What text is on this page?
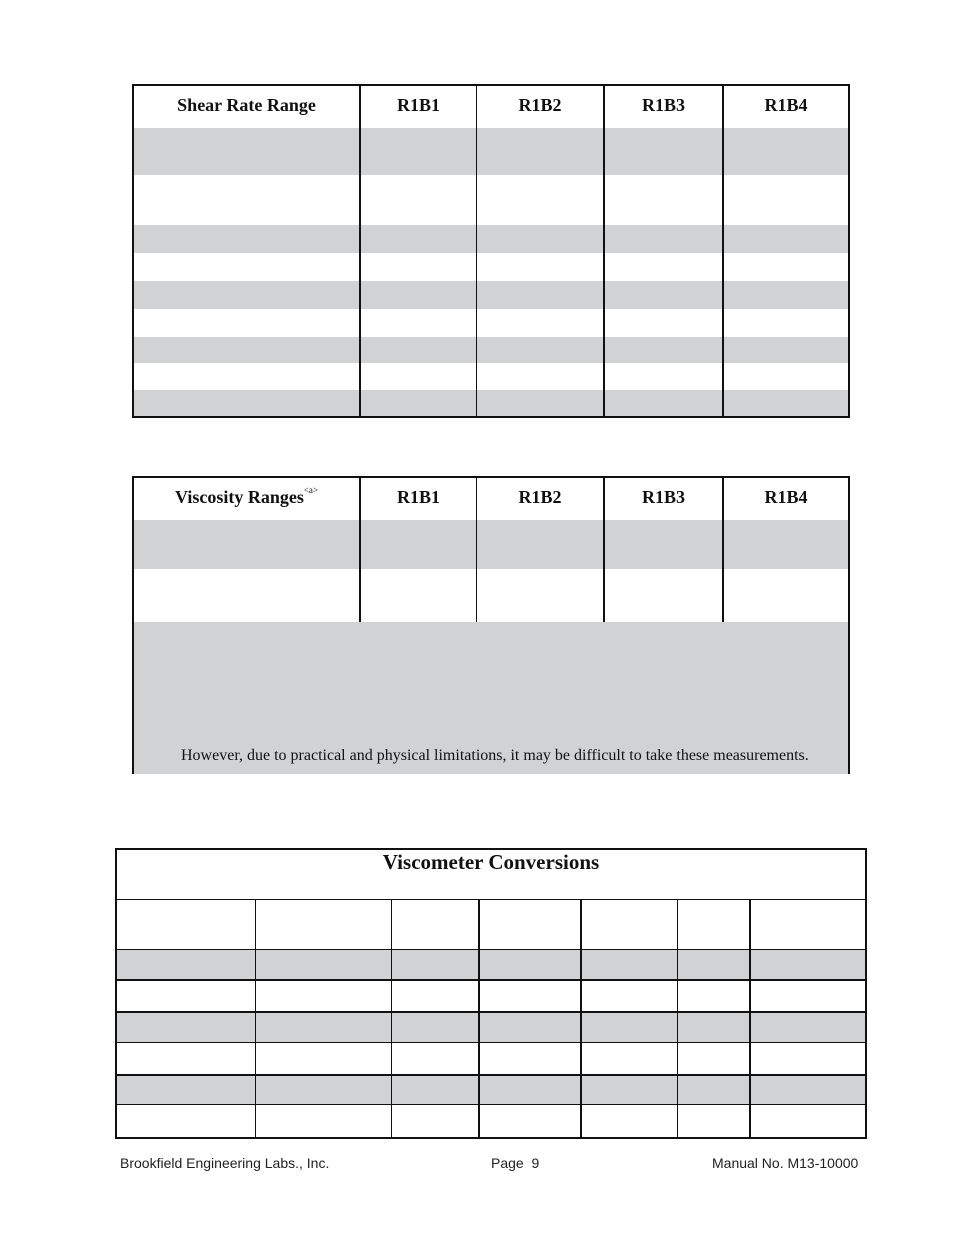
Shear Rate Range	R1B1	R1B2	R1B3	R1B4
Viscosity Ranges$^{<a>}$	R1B1	R1B2	R1B3	R1B4
However, due to practical and physical limitations, it may be difficult to take these measurements.
Viscometer Conversions
Brookfield Engineering Labs., Inc.	Page  9	Manual No. M13-10000
